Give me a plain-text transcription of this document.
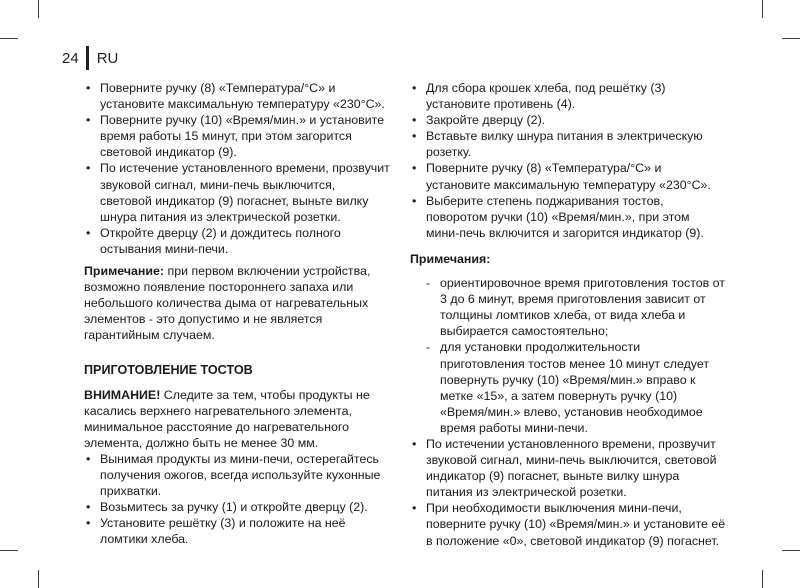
24 RU
• Поверните ручку (8) «Температура/°С» и установите максимальную температуру «230°С».
• Поверните ручку (10) «Время/мин.» и установите время работы 15 минут, при этом загорится световой индикатор (9).
• По истечение установленного времени, прозвучит звуковой сигнал, мини-печь выключится, световой индикатор (9) погаснет, выньте вилку шнура питания из электрической розетки.
• Откройте дверцу (2) и дождитесь полного остывания мини-печи.

Примечание: при первом включении устройства, возможно появление постороннего запаха или небольшого количества дыма от нагревательных элементов - это допустимо и не является гарантийным случаем.

ПРИГОТОВЛЕНИЕ ТОСТОВ

ВНИМАНИЕ! Следите за тем, чтобы продукты не касались верхнего нагревательного элемента, минимальное расстояние до нагревательного элемента, должно быть не менее 30 мм.

• Вынимая продукты из мини-печи, остерегайтесь получения ожогов, всегда используйте кухонные прихватки.
• Возьмитесь за ручку (1) и откройте дверцу (2).
• Установите решётку (3) и положите на неё ломтики хлеба.
• Для сбора крошек хлеба, под решётку (3) установите противень (4).
• Закройте дверцу (2).
• Вставьте вилку шнура питания в электрическую розетку.
• Поверните ручку (8) «Температура/°С» и установите максимальную температуру «230°С».
• Выберите степень поджаривания тостов, поворотом ручки (10) «Время/мин.», при этом мини-печь включится и загорится индикатор (9).
Примечания:
- ориентировочное время приготовления тостов от 3 до 6 минут, время приготовления зависит от толщины ломтиков хлеба, от вида хлеба и выбирается самостоятельно;
- для установки продолжительности приготовления тостов менее 10 минут следует повернуть ручку (10) «Время/мин.» вправо к метке «15», а затем повернуть ручку (10) «Время/мин.» влево, установив необходимое время работы мини-печи.
• По истечении установленного времени, прозвучит звуковой сигнал, мини-печь выключится, световой индикатор (9) погаснет, выньте вилку шнура питания из электрической розетки.
• При необходимости выключения мини-печи, поверните ручку (10) «Время/мин.» и установите её в положение «0», световой индикатор (9) погаснет.
